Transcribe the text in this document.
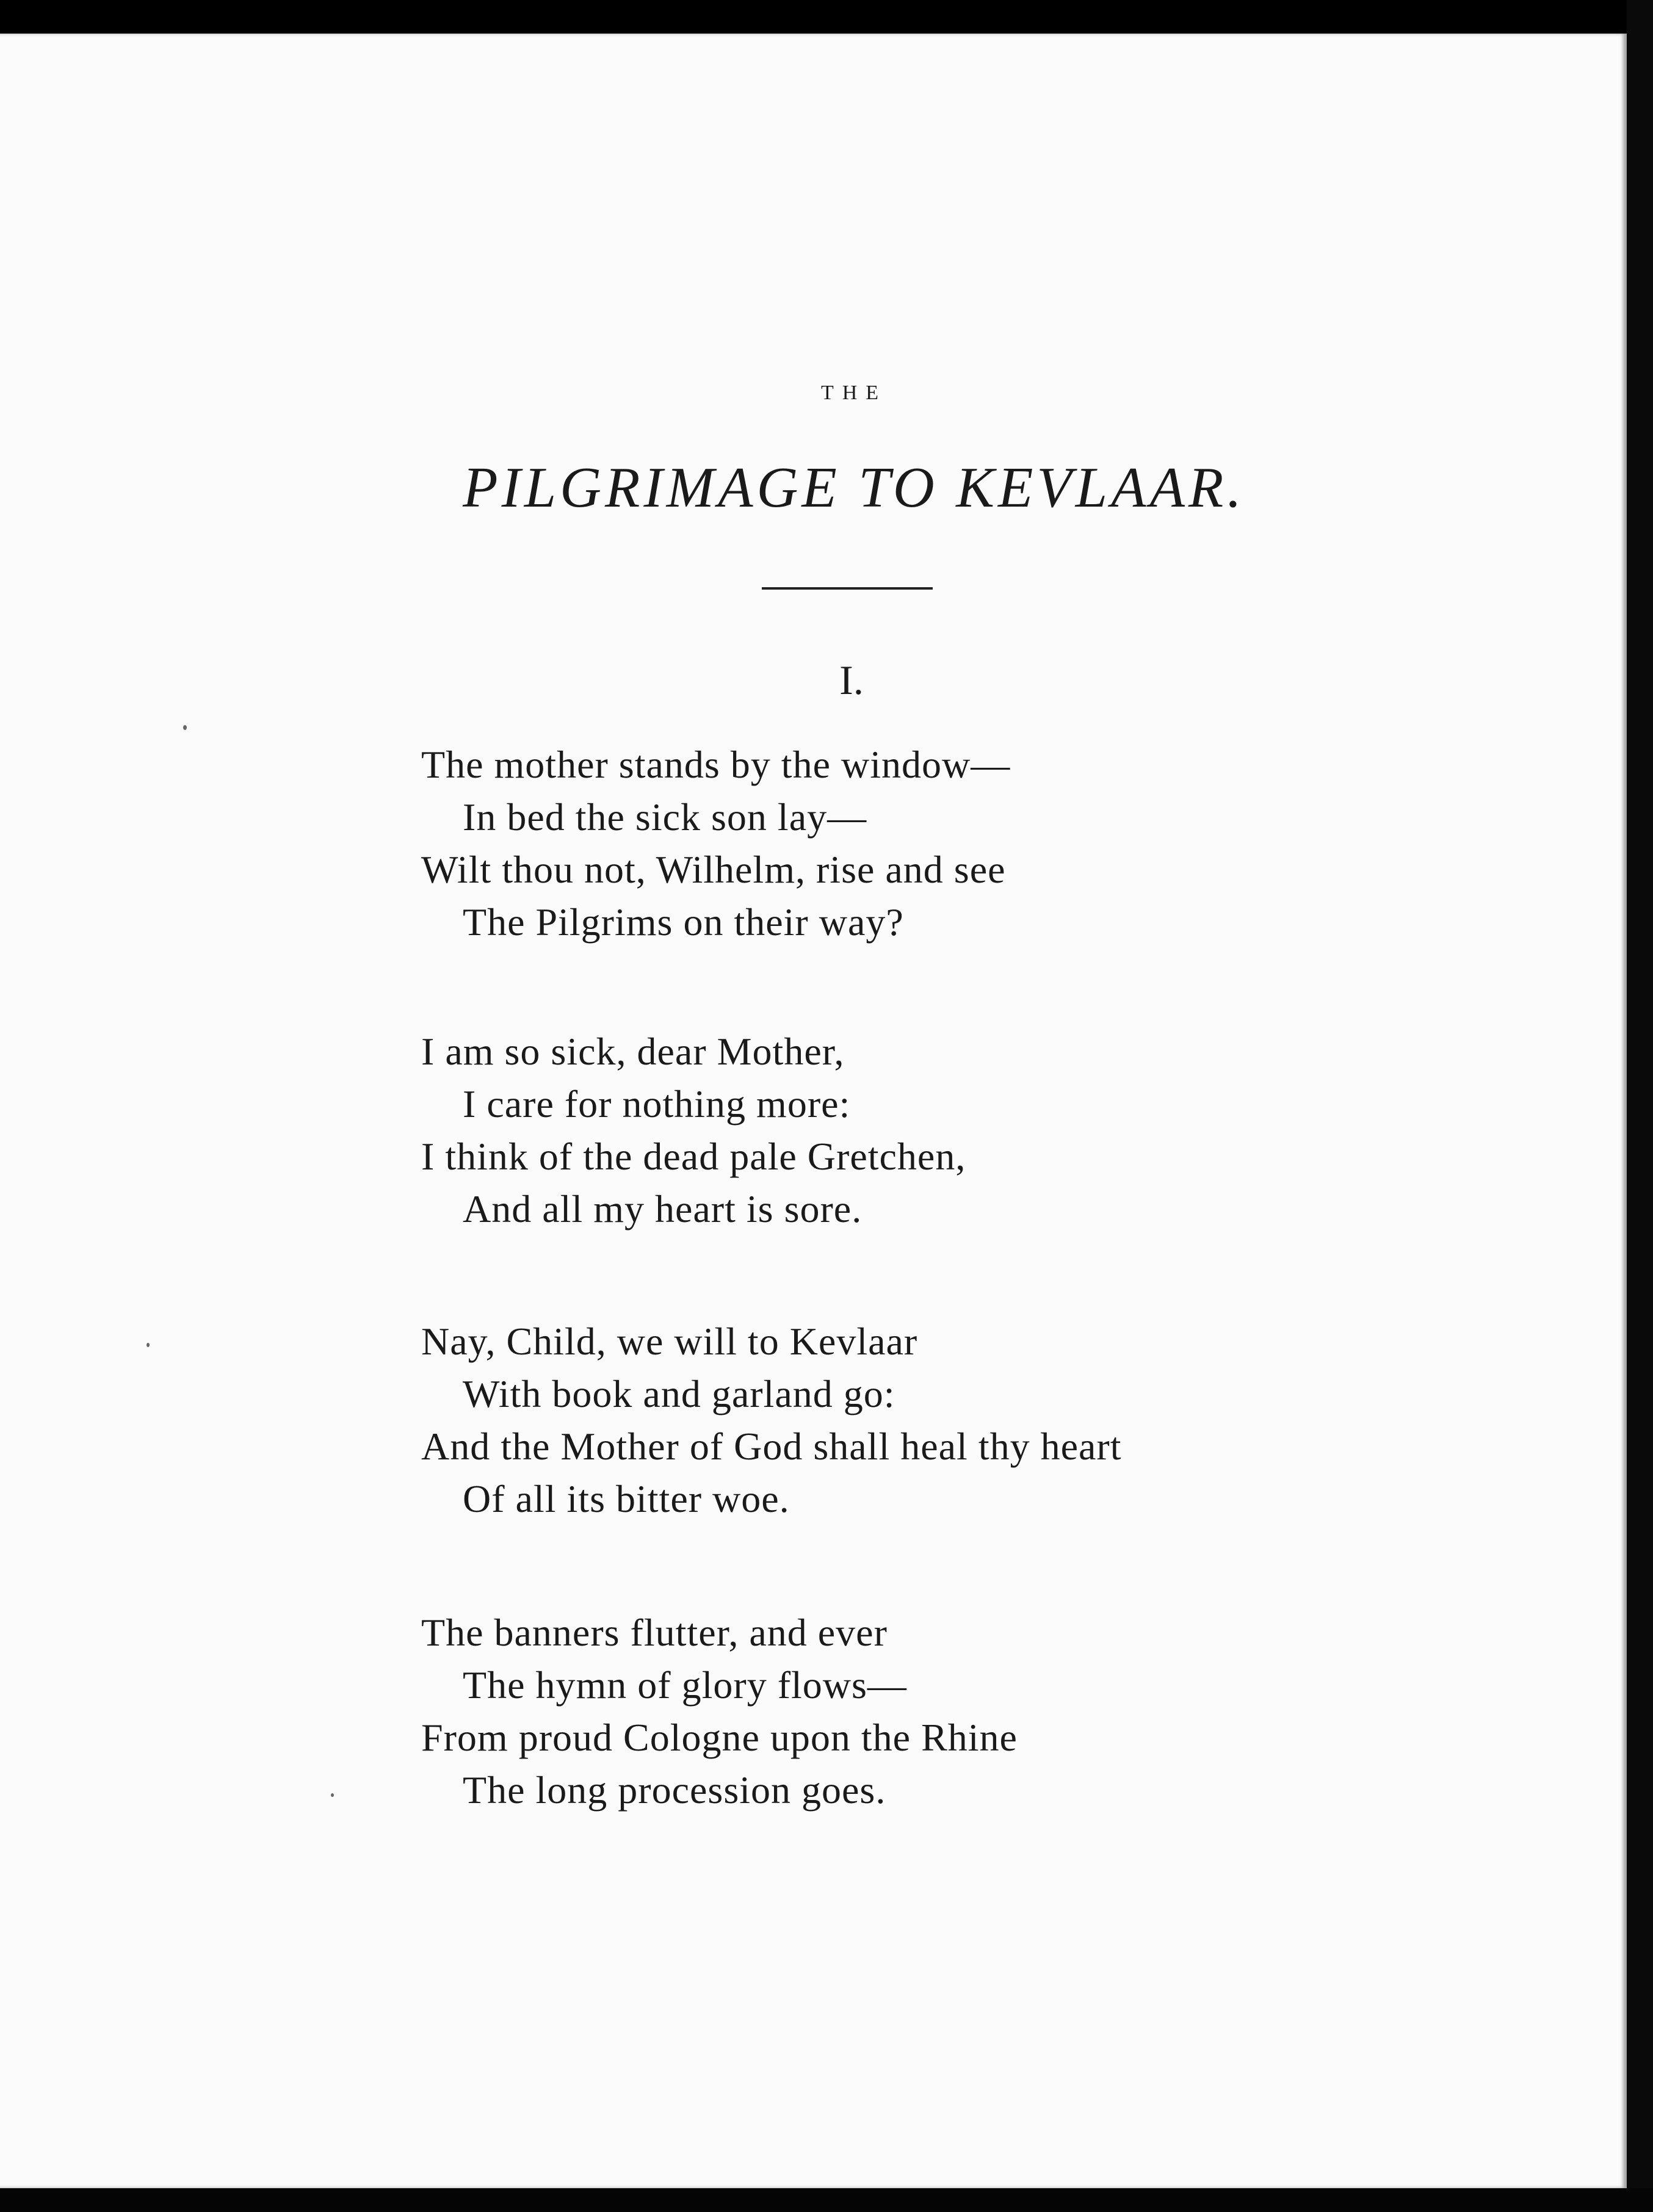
THE
PILGRIMAGE TO KEVLAAR.
I.
The mother stands by the window—
In bed the sick son lay—
Wilt thou not, Wilhelm, rise and see
The Pilgrims on their way?
I am so sick, dear Mother,
I care for nothing more:
I think of the dead pale Gretchen,
And all my heart is sore.
Nay, Child, we will to Kevlaar
With book and garland go:
And the Mother of God shall heal thy heart
Of all its bitter woe.
The banners flutter, and ever
The hymn of glory flows—
From proud Cologne upon the Rhine
The long procession goes.
